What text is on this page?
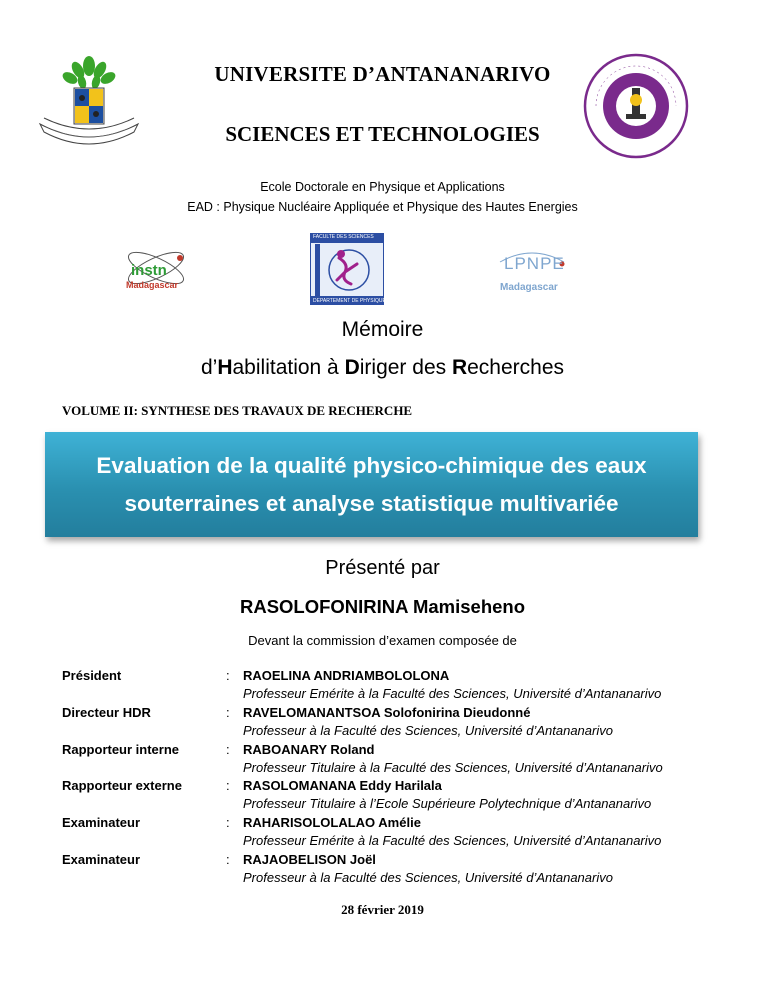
UNIVERSITE D’ANTANANARIVO
SCIENCES ET TECHNOLOGIES
Ecole Doctorale en Physique et Applications
EAD : Physique Nucléaire Appliquée et Physique des Hautes Energies
instn
Madagascar
FACULTE DES SCIENCES
DEPARTEMENT DE PHYSIQUE
LPNPE
Madagascar
Mémoire
d’Habilitation à Diriger des Recherches
VOLUME II: SYNTHESE DES TRAVAUX DE RECHERCHE
Evaluation de la qualité physico-chimique des eaux
souterraines et analyse statistique multivariée
Présenté par
RASOLOFONIRINA Mamiseheno
Devant la commission d’examen composée de
Président	: RAOELINA ANDRIAMBOLOLONA
Professeur Emérite à la Faculté des Sciences, Université d’Antananarivo
Directeur HDR	: RAVELOMANANTSOA Solofonirina Dieudonné
Professeur à la Faculté des Sciences, Université d’Antananarivo
Rapporteur interne	: RABOANARY Roland
Professeur Titulaire à la Faculté des Sciences, Université d’Antananarivo
Rapporteur externe	: RASOLOMANANA Eddy Harilala
Professeur Titulaire à l’Ecole Supérieure Polytechnique d’Antananarivo
Examinateur	: RAHARISOLOLALAO Amélie
Professeur Emérite à la Faculté des Sciences, Université d’Antananarivo
Examinateur	: RAJAOBELISON Joël
Professeur à la Faculté des Sciences, Université d’Antananarivo
28 février 2019
